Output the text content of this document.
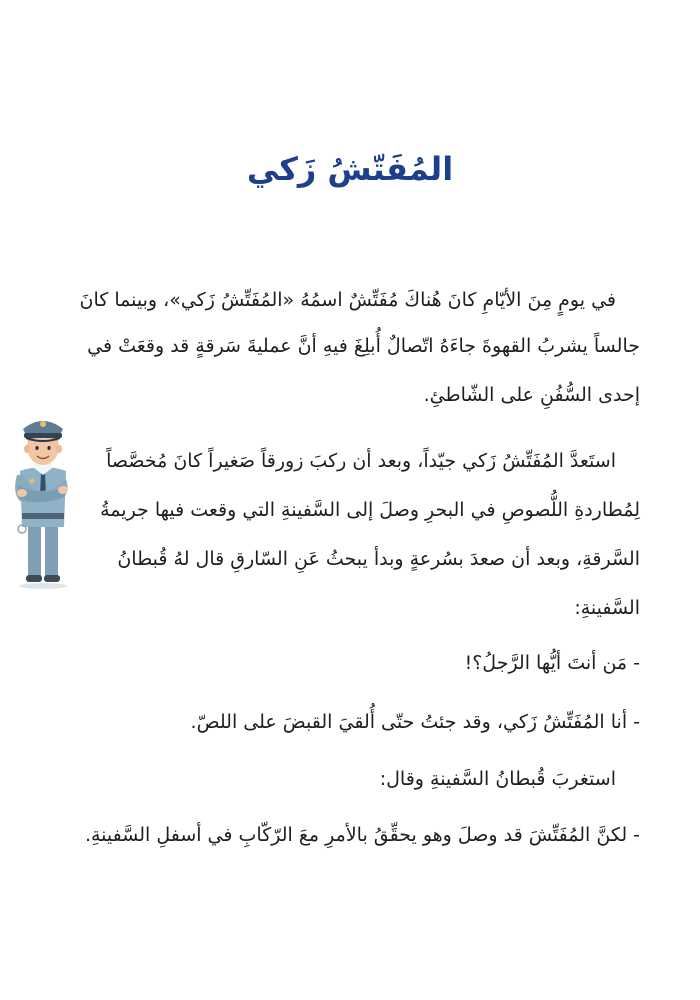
المُفَتّشُ زَكي

في يومٍ مِنَ الأيّامِ كانَ هُناكَ مُفَتِّشٌ اسمُهُ «المُفَتِّشُ زَكي»، وبينما كانَ

جالساً يشربُ القهوةَ جاءَهُ اتّصالٌ أُبلِغَ فيهِ أنَّ عمليةَ سَرقةٍ قد وقعَتْ في

إحدى السُّفُنِ على الشّاطئِ.

استَعدَّ المُفَتِّشُ زَكي جيّداً، وبعد أن ركبَ زورقاً صَغيراً كانَ مُخصَّصاً

لِمُطاردةِ اللُّصوصِ في البحرِ وصلَ إلى السَّفينةِ التي وقعت فيها جريمةُ

السَّرقةِ، وبعد أن صعدَ بسُرعةٍ وبدأ يبحثُ عَنِ السّارقِ قال لهُ قُبطانُ

السَّفينةِ:

- مَن أنتَ أيُّها الرَّجلُ؟!

- أنا المُفَتِّشُ زَكي، وقد جئتُ حتّى أُلقيَ القبضَ على اللصّ.

استغربَ قُبطانُ السَّفينةِ وقال:

- لكنَّ المُفَتِّشَ قد وصلَ وهو يحقِّقُ بالأمرِ معَ الرّكّابِ في أسفلِ السَّفينةِ.
